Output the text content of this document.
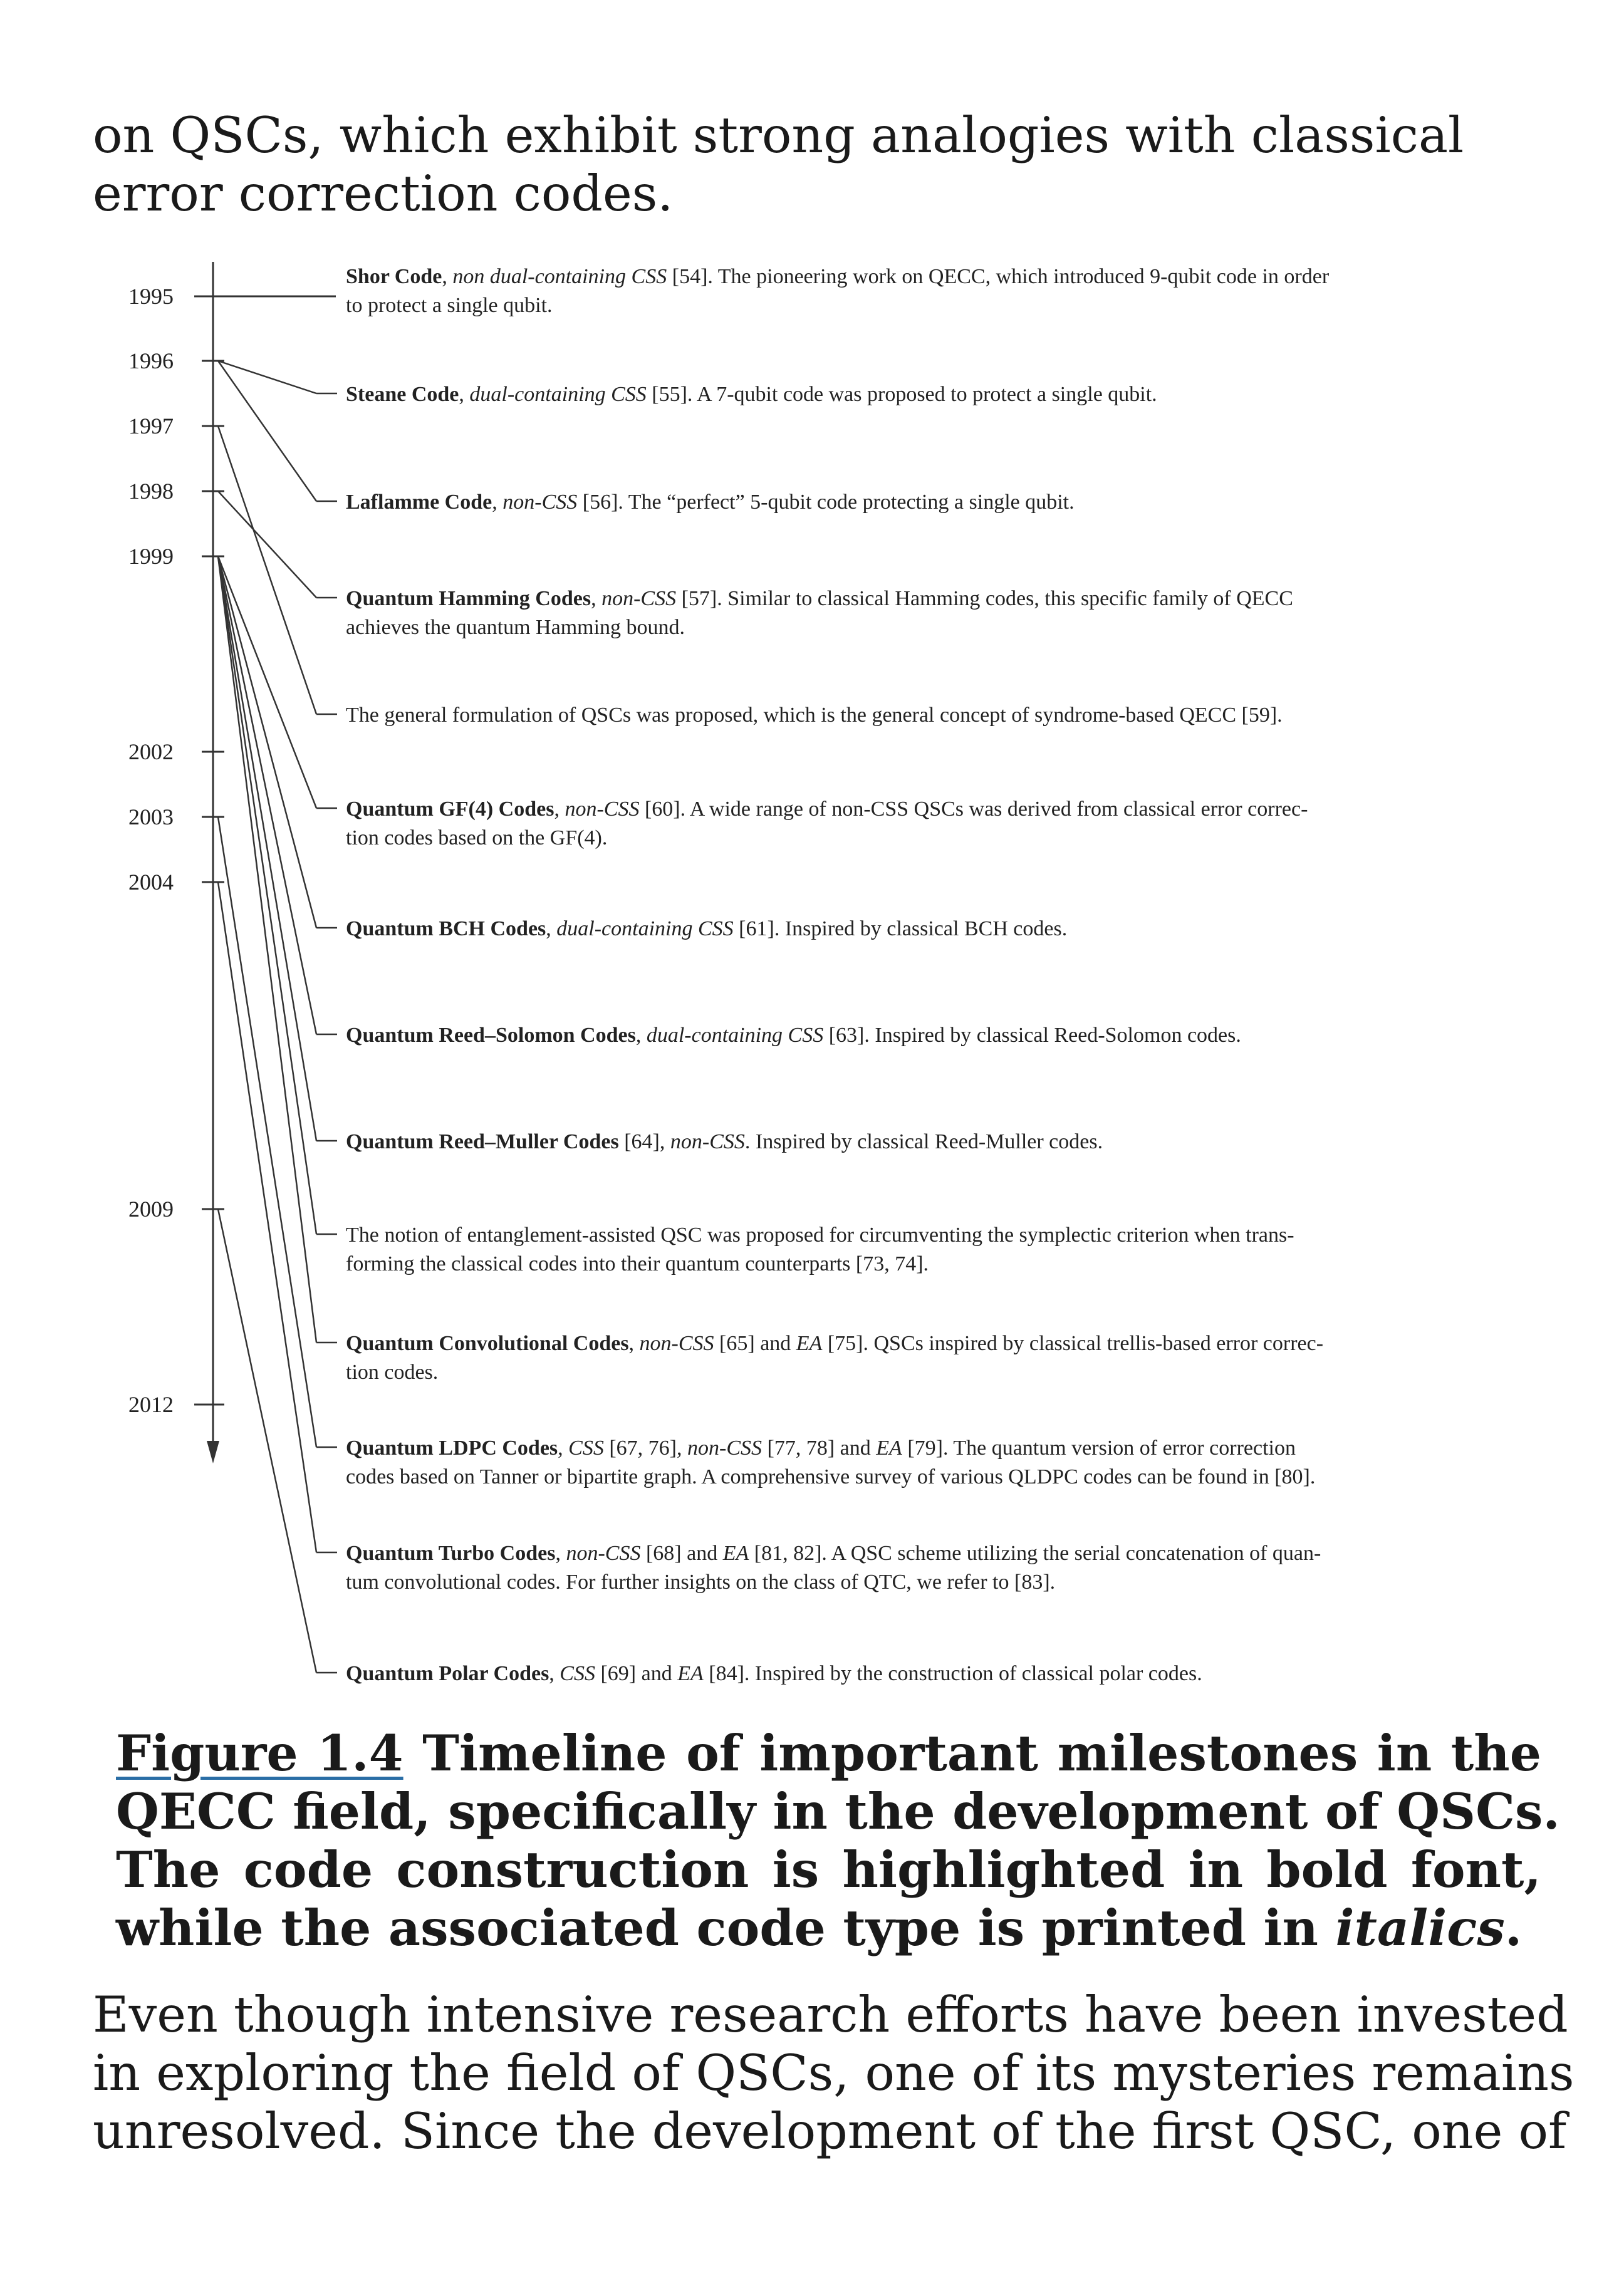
on QSCs, which exhibit strong analogies with classical
error correction codes.
1995
1996
1997
1998
1999
2002
2003
2004
2009
2012
Shor Code, non dual-containing CSS [54]. The pioneering work on QECC, which introduced 9-qubit code in order
to protect a single qubit.
Steane Code, dual-containing CSS [55]. A 7-qubit code was proposed to protect a single qubit.
Laflamme Code, non-CSS [56]. The “perfect” 5-qubit code protecting a single qubit.
Quantum Hamming Codes, non-CSS [57]. Similar to classical Hamming codes, this specific family of QECC
achieves the quantum Hamming bound.
The general formulation of QSCs was proposed, which is the general concept of syndrome-based QECC [59].
Quantum GF(4) Codes, non-CSS [60]. A wide range of non-CSS QSCs was derived from classical error correc-
tion codes based on the GF(4).
Quantum BCH Codes, dual-containing CSS [61]. Inspired by classical BCH codes.
Quantum Reed–Solomon Codes, dual-containing CSS [63]. Inspired by classical Reed-Solomon codes.
Quantum Reed–Muller Codes [64], non-CSS. Inspired by classical Reed-Muller codes.
The notion of entanglement-assisted QSC was proposed for circumventing the symplectic criterion when trans-
forming the classical codes into their quantum counterparts [73, 74].
Quantum Convolutional Codes, non-CSS [65] and EA [75]. QSCs inspired by classical trellis-based error correc-
tion codes.
Quantum LDPC Codes, CSS [67, 76], non-CSS [77, 78] and EA [79]. The quantum version of error correction
codes based on Tanner or bipartite graph. A comprehensive survey of various QLDPC codes can be found in [80].
Quantum Turbo Codes, non-CSS [68] and EA [81, 82]. A QSC scheme utilizing the serial concatenation of quan-
tum convolutional codes. For further insights on the class of QTC, we refer to [83].
Quantum Polar Codes, CSS [69] and EA [84]. Inspired by the construction of classical polar codes.
Figure 1.4 Timeline of important milestones in the
QECC field, specifically in the development of QSCs.
The code construction is highlighted in bold font,
while the associated code type is printed in italics.
Even though intensive research efforts have been invested
in exploring the field of QSCs, one of its mysteries remains
unresolved. Since the development of the first QSC, one of
